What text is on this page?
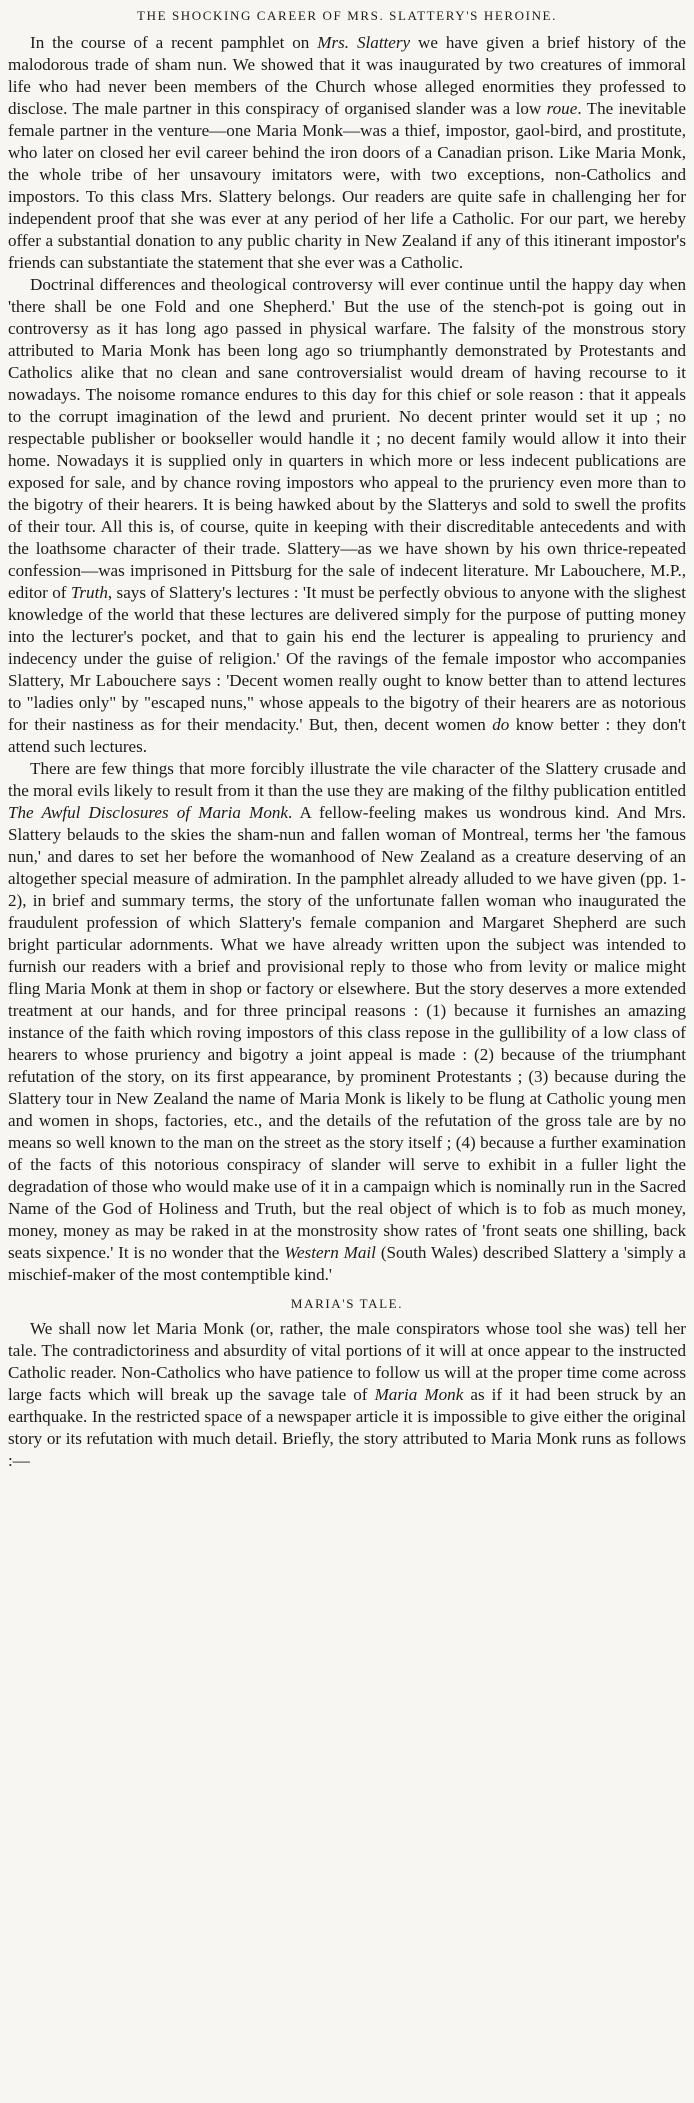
THE SHOCKING CAREER OF MRS. SLATTERY'S HEROINE.

In the course of a recent pamphlet on Mrs. Slattery we have given a brief history of the malodorous trade of sham nun. We showed that it was inaugurated by two creatures of immoral life who had never been members of the Church whose alleged enormities they professed to disclose. The male partner in this conspiracy of organised slander was a low roue. The inevitable female partner in the venture—one Maria Monk—was a thief, impostor, gaol-bird, and prostitute, who later on closed her evil career behind the iron doors of a Canadian prison. Like Maria Monk, the whole tribe of her unsavoury imitators were, with two exceptions, non-Catholics and impostors. To this class Mrs. Slattery belongs. Our readers are quite safe in challenging her for independent proof that she was ever at any period of her life a Catholic. For our part, we hereby offer a substantial donation to any public charity in New Zealand if any of this itinerant impostor's friends can substantiate the statement that she ever was a Catholic.

Doctrinal differences and theological controversy will ever continue until the happy day when 'there shall be one Fold and one Shepherd.' But the use of the stench-pot is going out in controversy as it has long ago passed in physical warfare. The falsity of the monstrous story attributed to Maria Monk has been long ago so triumphantly demonstrated by Protestants and Catholics alike that no clean and sane controversialist would dream of having recourse to it nowadays. The noisome romance endures to this day for this chief or sole reason : that it appeals to the corrupt imagination of the lewd and prurient. No decent printer would set it up ; no respectable publisher or bookseller would handle it ; no decent family would allow it into their home. Nowadays it is supplied only in quarters in which more or less indecent publications are exposed for sale, and by chance roving impostors who appeal to the pruriency even more than to the bigotry of their hearers. It is being hawked about by the Slatterys and sold to swell the profits of their tour. All this is, of course, quite in keeping with their discreditable antecedents and with the loathsome character of their trade. Slattery—as we have shown by his own thrice-repeated confession—was imprisoned in Pittsburg for the sale of indecent literature. Mr Labouchere, M.P., editor of Truth, says of Slattery's lectures : 'It must be perfectly obvious to anyone with the slighest knowledge of the world that these lectures are delivered simply for the purpose of putting money into the lecturer's pocket, and that to gain his end the lecturer is appealing to pruriency and indecency under the guise of religion.' Of the ravings of the female impostor who accompanies Slattery, Mr Labouchere says : 'Decent women really ought to know better than to attend lectures to "ladies only" by "escaped nuns," whose appeals to the bigotry of their hearers are as notorious for their nastiness as for their mendacity.' But, then, decent women do know better : they don't attend such lectures.

There are few things that more forcibly illustrate the vile character of the Slattery crusade and the moral evils likely to result from it than the use they are making of the filthy publication entitled The Awful Disclosures of Maria Monk. A fellow-feeling makes us wondrous kind. And Mrs. Slattery belauds to the skies the sham-nun and fallen woman of Montreal, terms her 'the famous nun,' and dares to set her before the womanhood of New Zealand as a creature deserving of an altogether special measure of admiration. In the pamphlet already alluded to we have given (pp. 1-2), in brief and summary terms, the story of the unfortunate fallen woman who inaugurated the fraudulent profession of which Slattery's female companion and Margaret Shepherd are such bright particular adornments. What we have already written upon the subject was intended to furnish our readers with a brief and provisional reply to those who from levity or malice might fling Maria Monk at them in shop or factory or elsewhere. But the story deserves a more extended treatment at our hands, and for three principal reasons : (1) because it furnishes an amazing instance of the faith which roving impostors of this class repose in the gullibility of a low class of hearers to whose pruriency and bigotry a joint appeal is made : (2) because of the triumphant refutation of the story, on its first appearance, by prominent Protestants ; (3) because during the Slattery tour in New Zealand the name of Maria Monk is likely to be flung at Catholic young men and women in shops, factories, etc., and the details of the refutation of the gross tale are by no means so well known to the man on the street as the story itself ; (4) because a further examination of the facts of this notorious conspiracy of slander will serve to exhibit in a fuller light the degradation of those who would make use of it in a campaign which is nominally run in the Sacred Name of the God of Holiness and Truth, but the real object of which is to fob as much money, money, money as may be raked in at the monstrosity show rates of 'front seats one shilling, back seats sixpence.' It is no wonder that the Western Mail (South Wales) described Slattery a 'simply a mischief-maker of the most contemptible kind.'

MARIA'S TALE.

We shall now let Maria Monk (or, rather, the male conspirators whose tool she was) tell her tale. The contradictoriness and absurdity of vital portions of it will at once appear to the instructed Catholic reader. Non-Catholics who have patience to follow us will at the proper time come across large facts which will break up the savage tale of Maria Monk as if it had been struck by an earthquake. In the restricted space of a newspaper article it is impossible to give either the original story or its refutation with much detail. Briefly, the story attributed to Maria Monk runs as follows :—
